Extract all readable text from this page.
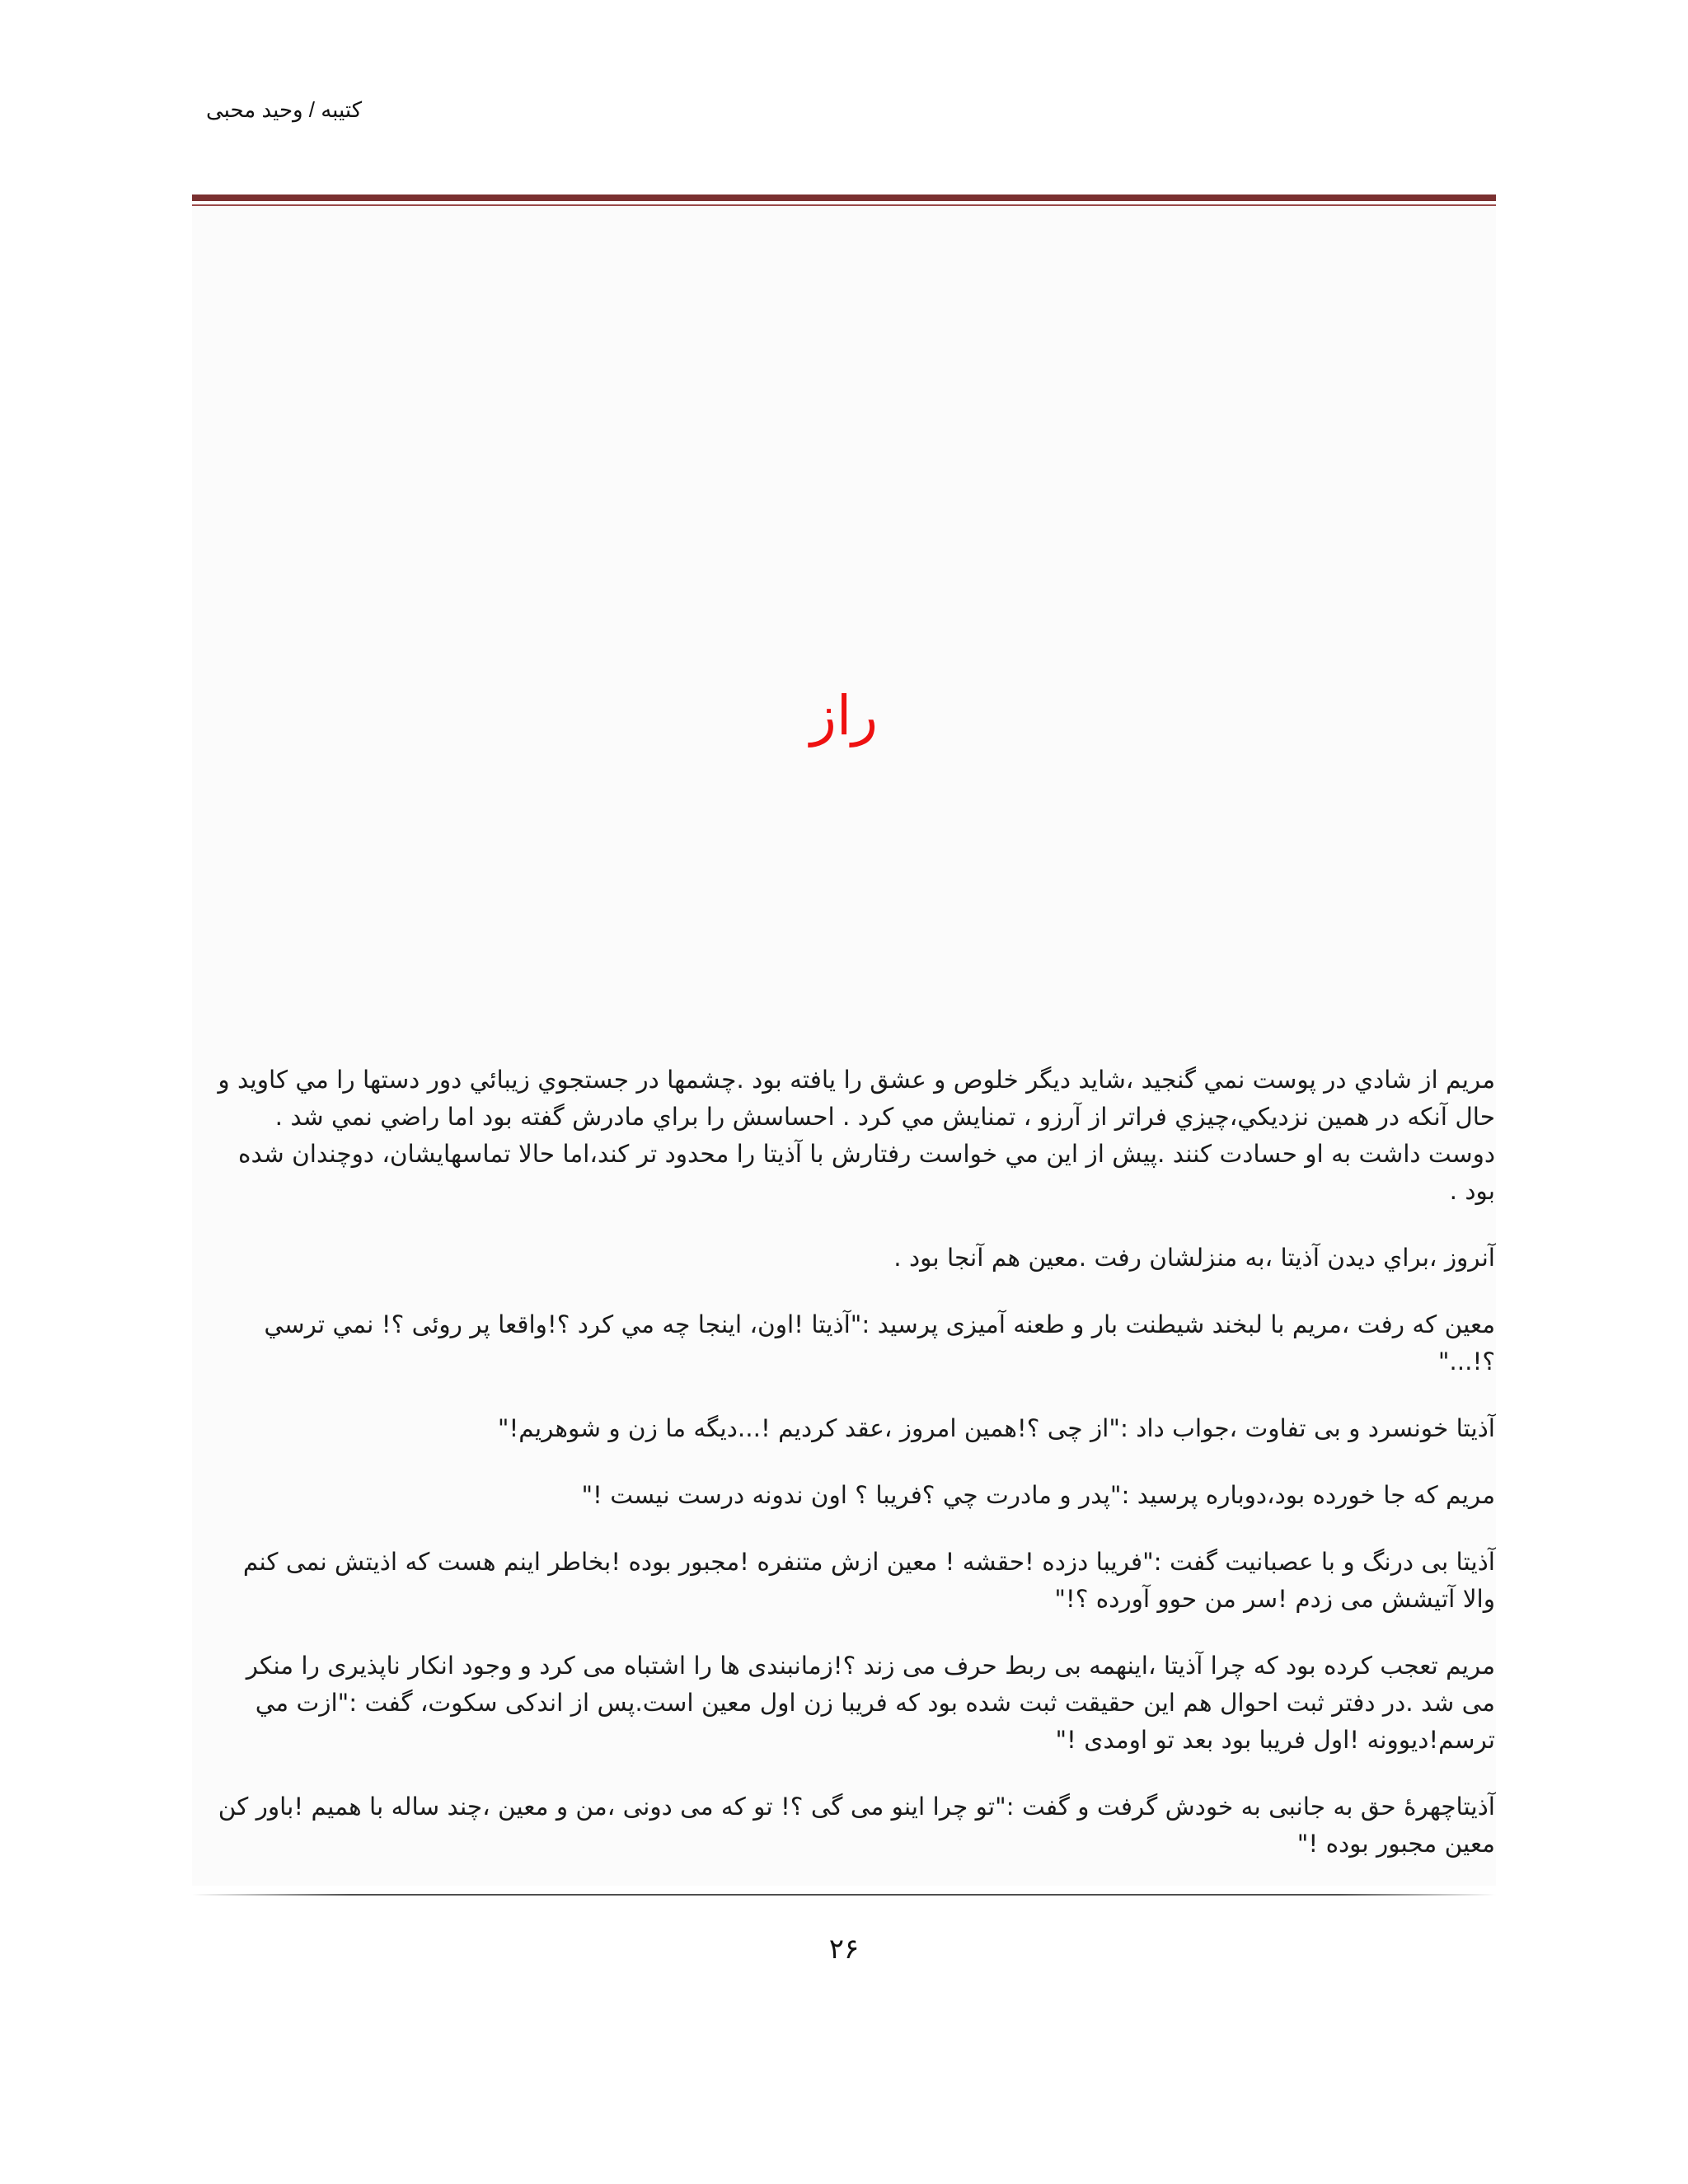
کتیبه / وحید محبی
راز

مریم از شادي در پوست نمي گنجید ،شاید دیگر خلوص و عشق را یافته بود .چشمها در جستجوي زیبائي دور دستها را مي کاوید و حال آنکه در همین نزدیکي،چیزي فراتر از آرزو ، تمنایش مي کرد . احساسش را براي مادرش گفته بود اما راضي نمي شد . دوست داشت به او حسادت کنند .پیش از این مي خواست رفتارش با آذیتا را محدود تر کند،اما حالا تماسهایشان، دوچندان شده بود .

آنروز ،براي دیدن آذیتا ،به منزلشان رفت .معین هم آنجا بود .

معین که رفت ،مریم با لبخند شیطنت بار و طعنه آمیزی پرسید :"آذیتا !اون، اینجا چه مي کرد ؟!واقعا پر روئی ؟! نمي ترسي ؟!..."

آذیتا خونسرد و بی تفاوت ،جواب داد :"از چی ؟!همین امروز ،عقد کردیم !...دیگه ما زن و شوهریم!"

مریم که جا خورده بود،دوباره پرسید :"پدر و مادرت چي ؟فریبا ؟ اون ندونه درست نیست !"

آذیتا بی درنگ و با عصبانیت گفت :"فریبا دزده !حقشه ! معین ازش متنفره !مجبور بوده !بخاطر اینم هست که اذیتش نمی کنم والا آتیشش می زدم !سر من حوو آورده ؟!"

مریم تعجب کرده بود که چرا آذیتا ،اینهمه بی ربط حرف می زند ؟!زمانبندی ها را اشتباه می کرد و وجود انکار ناپذیری را منکر می شد .در دفتر ثبت احوال هم این حقیقت ثبت شده بود که فریبا زن اول معین است.پس از اندکی سکوت، گفت :"ازت مي ترسم!دیوونه !اول فریبا بود بعد تو اومدی !"

آذیتاچهرۀ حق به جانبی به خودش گرفت و گفت :"تو چرا اینو می گی ؟! تو که می دونی ،من و معین ،چند ساله با همیم !باور کن معین مجبور بوده !"

۲۶
